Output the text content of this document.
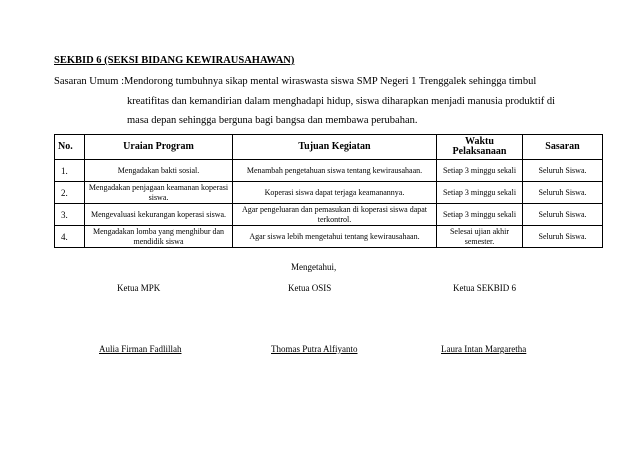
SEKBID 6 (SEKSI BIDANG KEWIRAUSAHAWAN)
Sasaran Umum : Mendorong tumbuhnya sikap mental wiraswasta siswa SMP Negeri 1 Trenggalek sehingga timbul
kreatifitas dan kemandirian dalam menghadapi hidup, siswa diharapkan menjadi manusia produktif di
masa depan sehingga berguna bagi bangsa dan membawa perubahan.
No.	Uraian Program	Tujuan Kegiatan	Waktu Pelaksanaan	Sasaran
1.	Mengadakan bakti sosial.	Menambah pengetahuan siswa tentang kewirausahaan.	Setiap 3 minggu sekali	Seluruh Siswa.
2.	Mengadakan penjagaan keamanan koperasi siswa.	Koperasi siswa dapat terjaga keamanannya.	Setiap 3 minggu sekali	Seluruh Siswa.
3.	Mengevaluasi kekurangan koperasi siswa.	Agar pengeluaran dan pemasukan di koperasi siswa dapat terkontrol.	Setiap 3 minggu sekali	Seluruh Siswa.
4.	Mengadakan lomba yang menghibur dan mendidik siswa	Agar siswa lebih mengetahui tentang kewirausahaan.	Selesai ujian akhir semester.	Seluruh Siswa.
Mengetahui,
Ketua MPK	Ketua OSIS	Ketua SEKBID 6
Aulia Firman Fadlillah	Thomas Putra Alfiyanto	Laura Intan Margaretha
